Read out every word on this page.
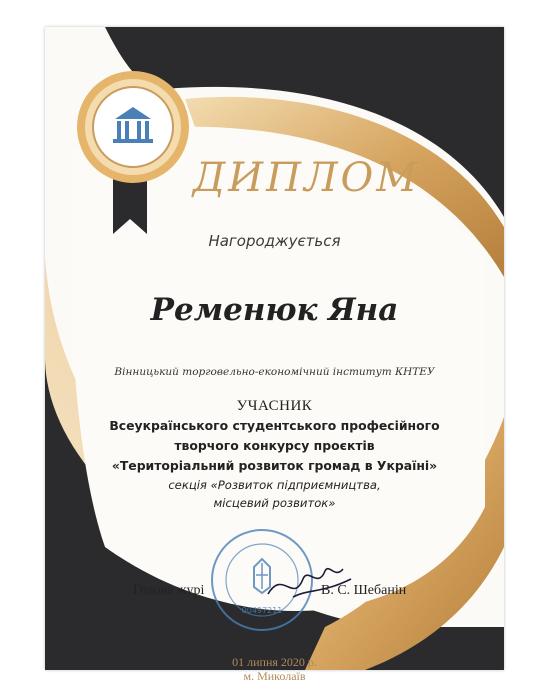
ДИПЛОМ
Нагороджується
Ременюк Яна
Вінницький торговельно-економічний інститут КНТЕУ
УЧАСНИК
Всеукраїнського студентського професійного
творчого конкурсу проєктів
«Територіальний розвиток громад в Україні»
секція «Розвиток підприємництва,
місцевий розвиток»
00497211
Голова журі	В. С. Шебанін
01 липня 2020 р.
м. Миколаїв
